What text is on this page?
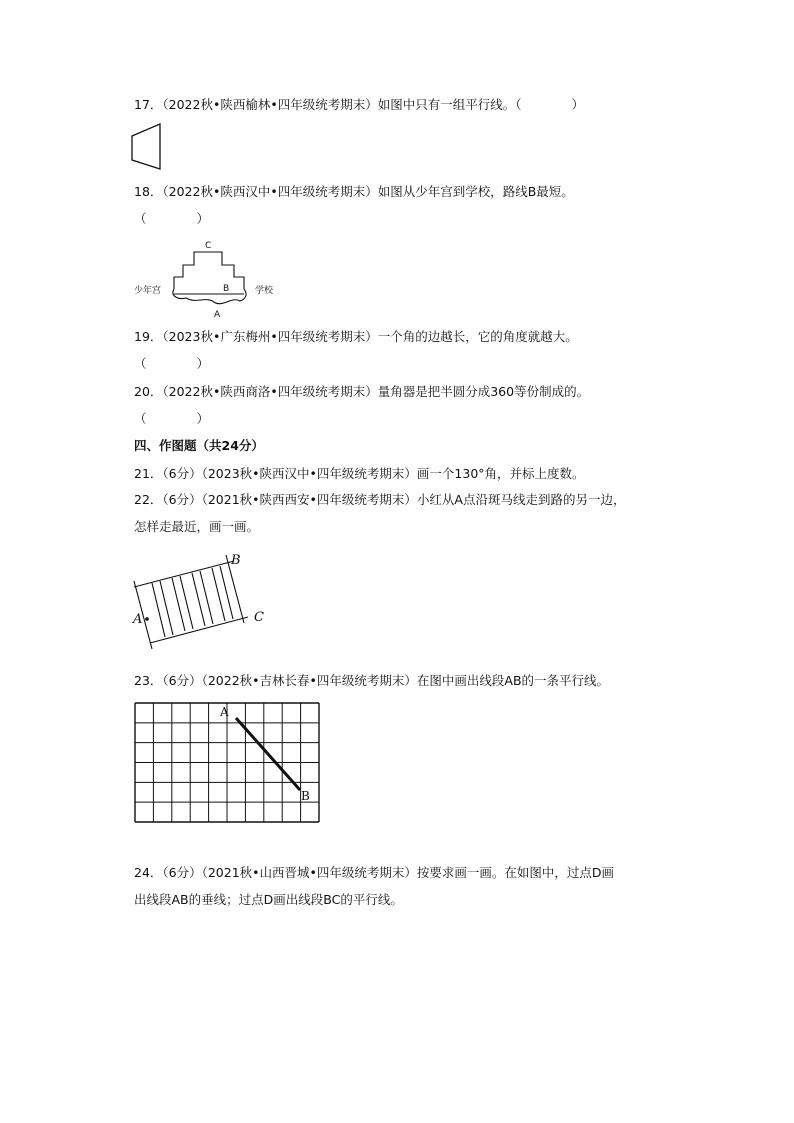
17．（2022秋•陕西榆林•四年级统考期末）如图中只有一组平行线。（　　　　）
18．（2022秋•陕西汉中•四年级统考期末）如图从少年宫到学校，路线B最短。
（　　　　）
少年宫	学校
C
B
A
19．（2023秋•广东梅州•四年级统考期末）一个角的边越长，它的角度就越大。
（　　　　）
20．（2022秋•陕西商洛•四年级统考期末）量角器是把半圆分成360等份制成的。
（　　　　）
四、作图题（共24分）
21．（6分）（2023秋•陕西汉中•四年级统考期末）画一个130°角，并标上度数。
22．（6分）（2021秋•陕西西安•四年级统考期末）小红从A点沿斑马线走到路的另一边，
怎样走最近，画一画。
A
B
C
23．（6分）（2022秋•吉林长春•四年级统考期末）在图中画出线段AB的一条平行线。
A
B
24．（6分）（2021秋•山西晋城•四年级统考期末）按要求画一画。在如图中，过点D画
出线段AB的垂线；过点D画出线段BC的平行线。
